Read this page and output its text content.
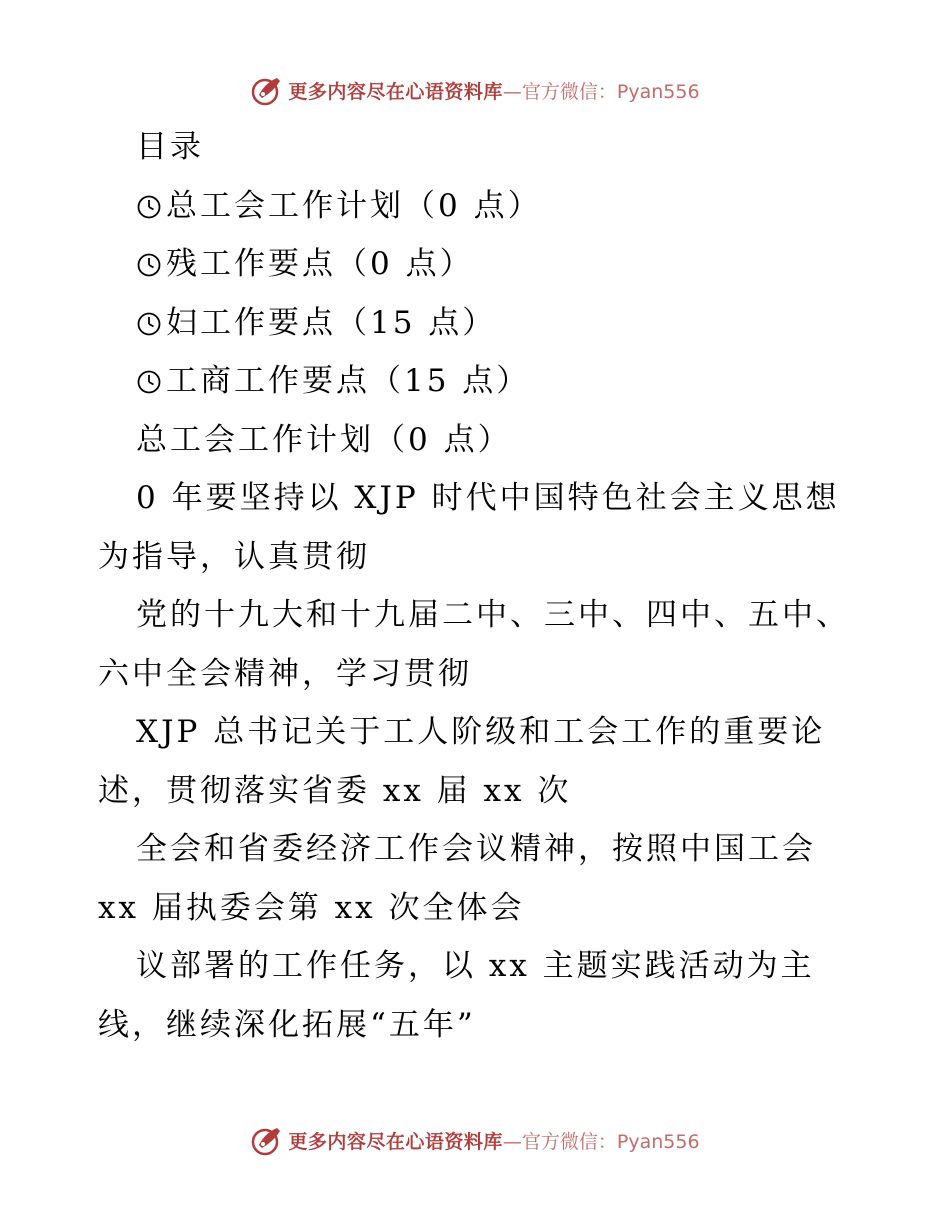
更多内容尽在心语资料库 —官方微信：Pyan556
目录
总工会工作计划（0 点）
残工作要点（0 点）
妇工作要点（15 点）
工商工作要点（15 点）
总工会工作计划（0 点）
0 年要坚持以 XJP 时代中国特色社会主义思想
为指导，认真贯彻
党的十九大和十九届二中、三中、四中、五中、
六中全会精神，学习贯彻
XJP 总书记关于工人阶级和工会工作的重要论
述，贯彻落实省委 xx 届 xx 次
全会和省委经济工作会议精神，按照中国工会
xx 届执委会第 xx 次全体会
议部署的工作任务，以 xx 主题实践活动为主
线，继续深化拓展“五年”
更多内容尽在心语资料库 —官方微信：Pyan556
